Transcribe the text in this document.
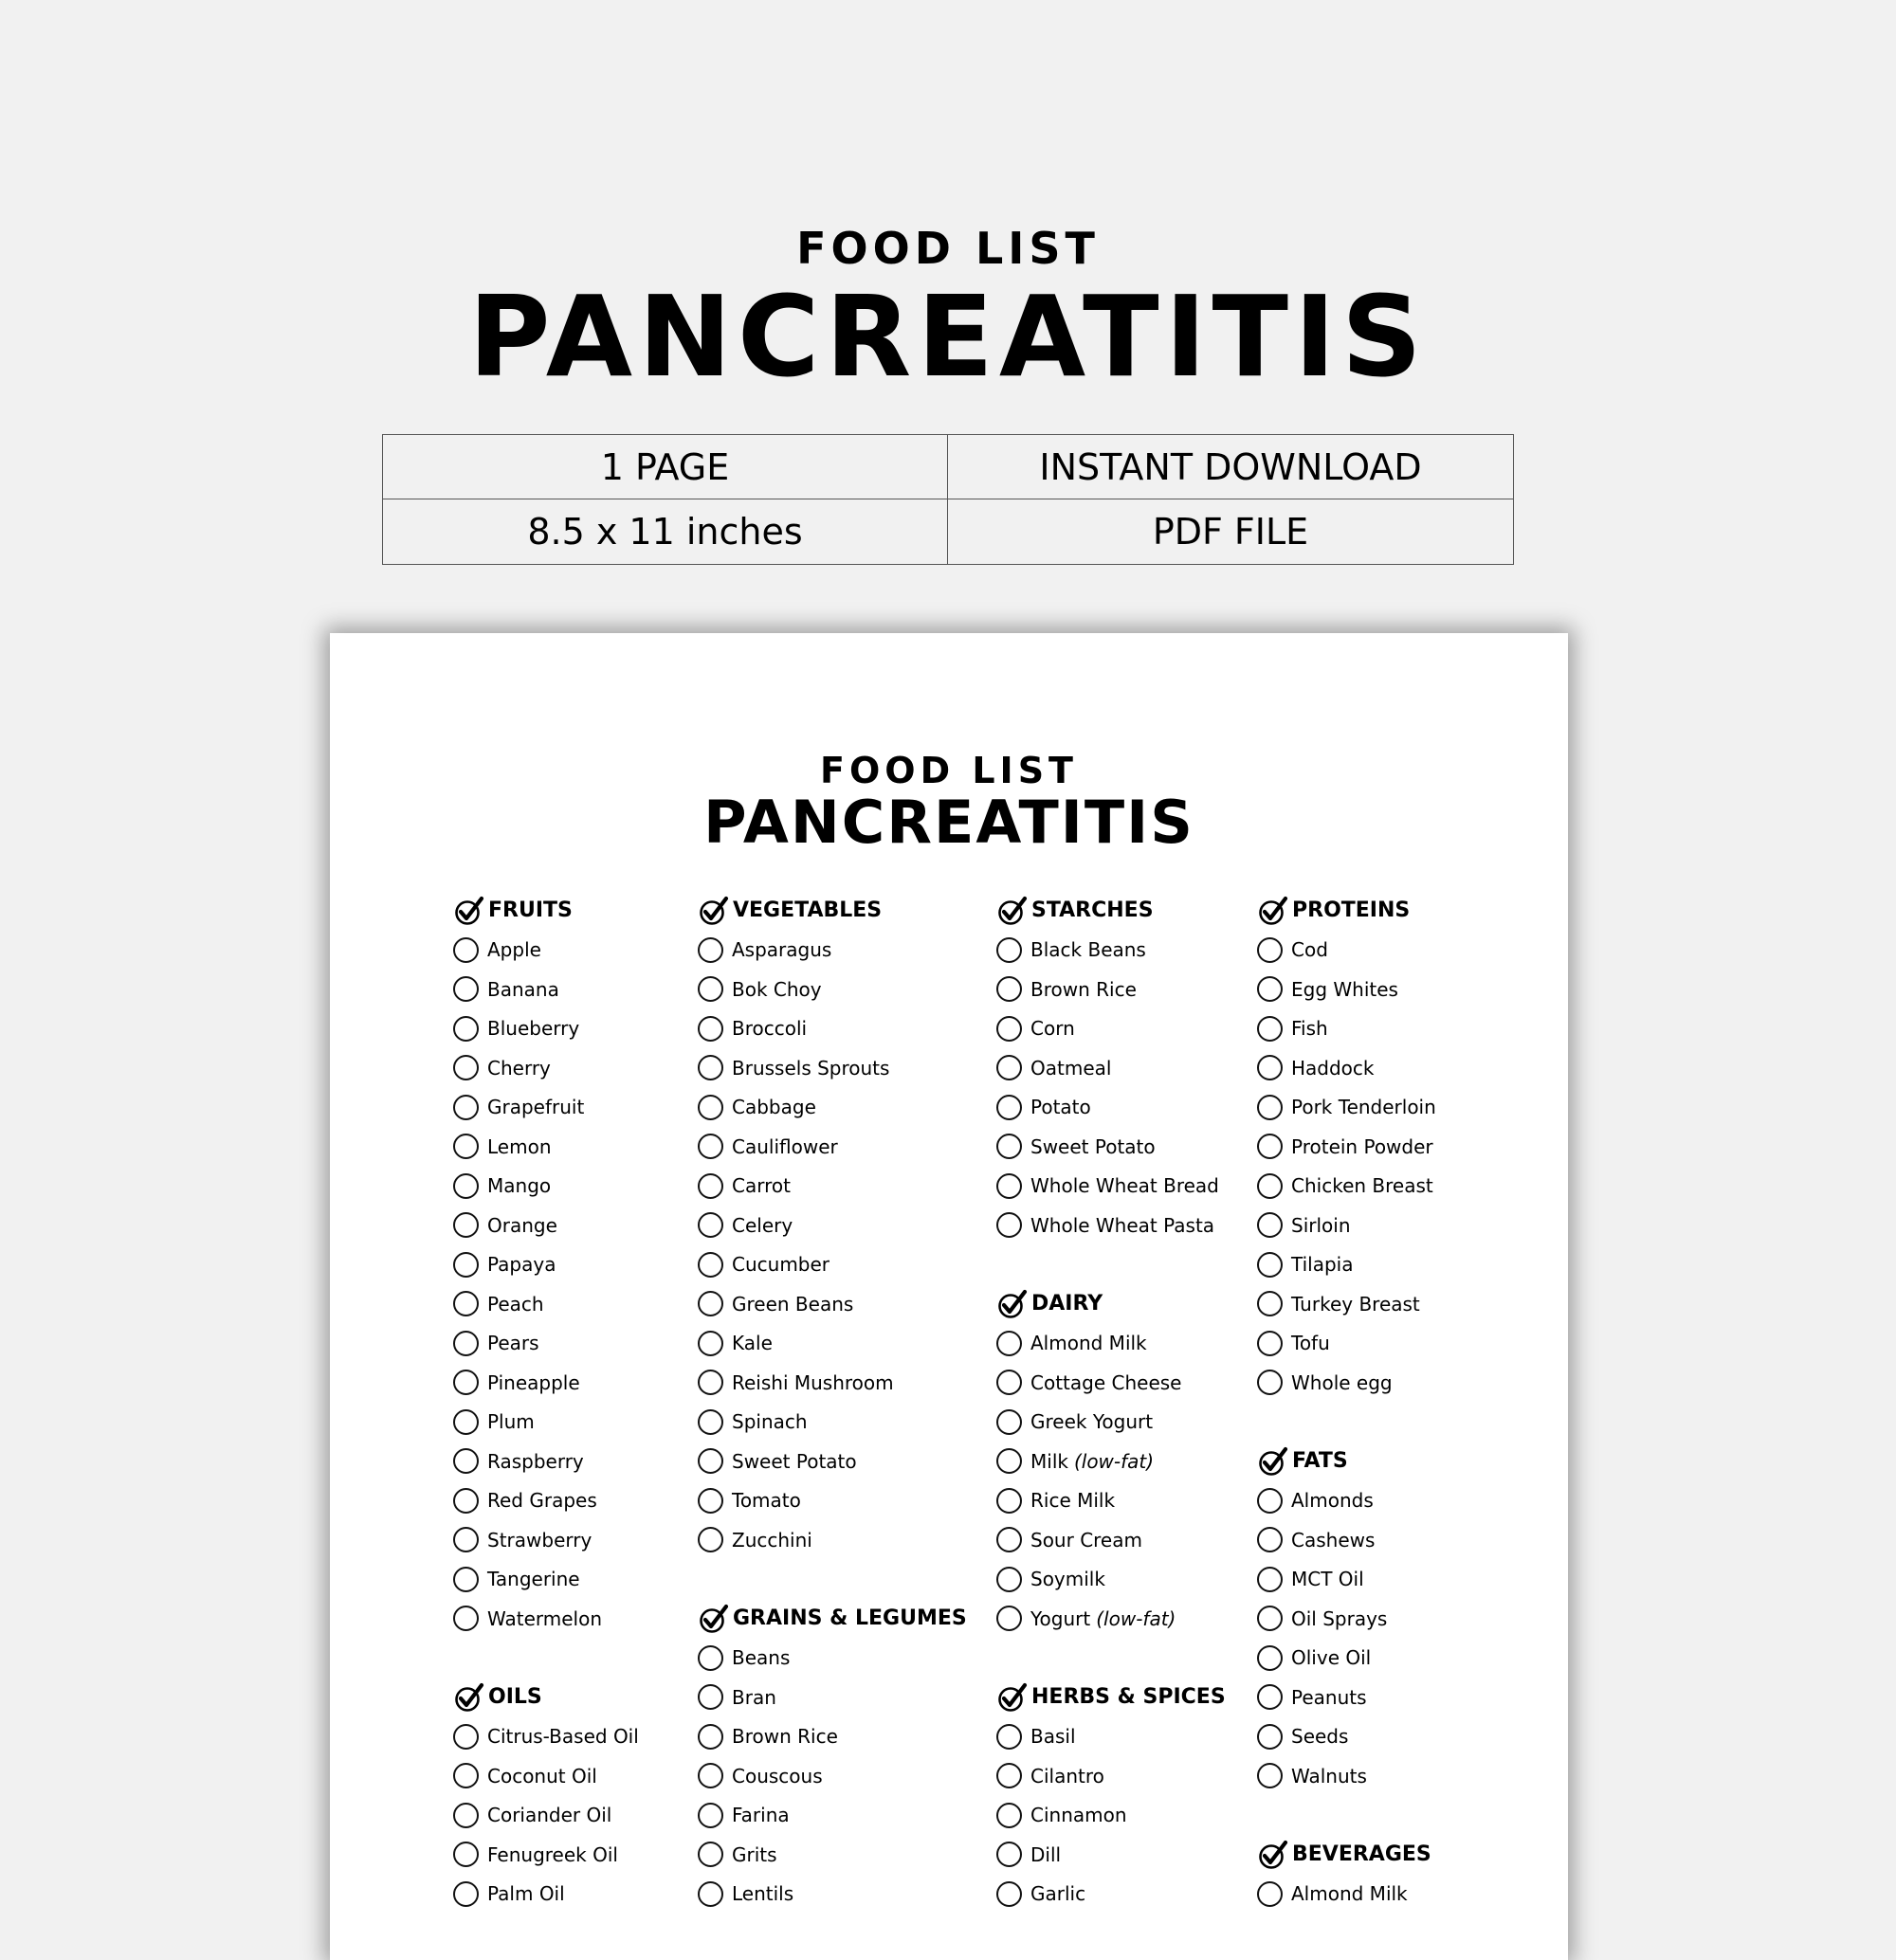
FOOD LIST
PANCREATITIS
1 PAGE	INSTANT DOWNLOAD
8.5 x 11 inches	PDF FILE
FOOD LIST
PANCREATITIS
FRUITS
Apple
Banana
Blueberry
Cherry
Grapefruit
Lemon
Mango
Orange
Papaya
Peach
Pears
Pineapple
Plum
Raspberry
Red Grapes
Strawberry
Tangerine
Watermelon
OILS
Citrus-Based Oil
Coconut Oil
Coriander Oil
Fenugreek Oil
Palm Oil
VEGETABLES
Asparagus
Bok Choy
Broccoli
Brussels Sprouts
Cabbage
Cauliflower
Carrot
Celery
Cucumber
Green Beans
Kale
Reishi Mushroom
Spinach
Sweet Potato
Tomato
Zucchini
GRAINS & LEGUMES
Beans
Bran
Brown Rice
Couscous
Farina
Grits
Lentils
STARCHES
Black Beans
Brown Rice
Corn
Oatmeal
Potato
Sweet Potato
Whole Wheat Bread
Whole Wheat Pasta
DAIRY
Almond Milk
Cottage Cheese
Greek Yogurt
Milk (low-fat)
Rice Milk
Sour Cream
Soymilk
Yogurt (low-fat)
HERBS & SPICES
Basil
Cilantro
Cinnamon
Dill
Garlic
PROTEINS
Cod
Egg Whites
Fish
Haddock
Pork Tenderloin
Protein Powder
Chicken Breast
Sirloin
Tilapia
Turkey Breast
Tofu
Whole egg
FATS
Almonds
Cashews
MCT Oil
Oil Sprays
Olive Oil
Peanuts
Seeds
Walnuts
BEVERAGES
Almond Milk
